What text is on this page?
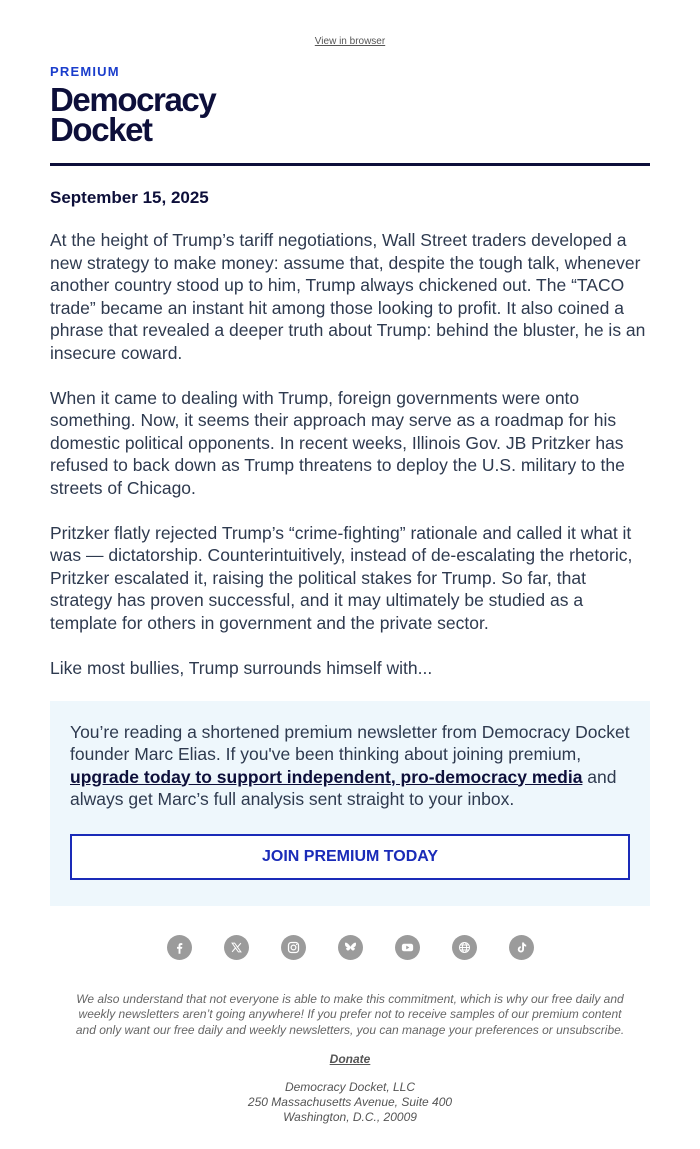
View in browser
PREMIUM
Democracy
Docket
September 15, 2025

At the height of Trump’s tariff negotiations, Wall Street traders developed a new strategy to make money: assume that, despite the tough talk, whenever another country stood up to him, Trump always chickened out. The “TACO trade” became an instant hit among those looking to profit. It also coined a phrase that revealed a deeper truth about Trump: behind the bluster, he is an insecure coward.

When it came to dealing with Trump, foreign governments were onto something. Now, it seems their approach may serve as a roadmap for his domestic political opponents. In recent weeks, Illinois Gov. JB Pritzker has refused to back down as Trump threatens to deploy the U.S. military to the streets of Chicago.

Pritzker flatly rejected Trump’s “crime-fighting” rationale and called it what it was — dictatorship. Counterintuitively, instead of de-escalating the rhetoric, Pritzker escalated it, raising the political stakes for Trump. So far, that strategy has proven successful, and it may ultimately be studied as a template for others in government and the private sector.

Like most bullies, Trump surrounds himself with...

You’re reading a shortened premium newsletter from Democracy Docket founder Marc Elias. If you've been thinking about joining premium, upgrade today to support independent, pro-democracy media and always get Marc’s full analysis sent straight to your inbox.

JOIN PREMIUM TODAY
We also understand that not everyone is able to make this commitment, which is why our free daily and weekly newsletters aren’t going anywhere! If you prefer not to receive samples of our premium content and only want our free daily and weekly newsletters, you can manage your preferences or unsubscribe.
Donate
Democracy Docket, LLC
250 Massachusetts Avenue, Suite 400
Washington, D.C., 20009
